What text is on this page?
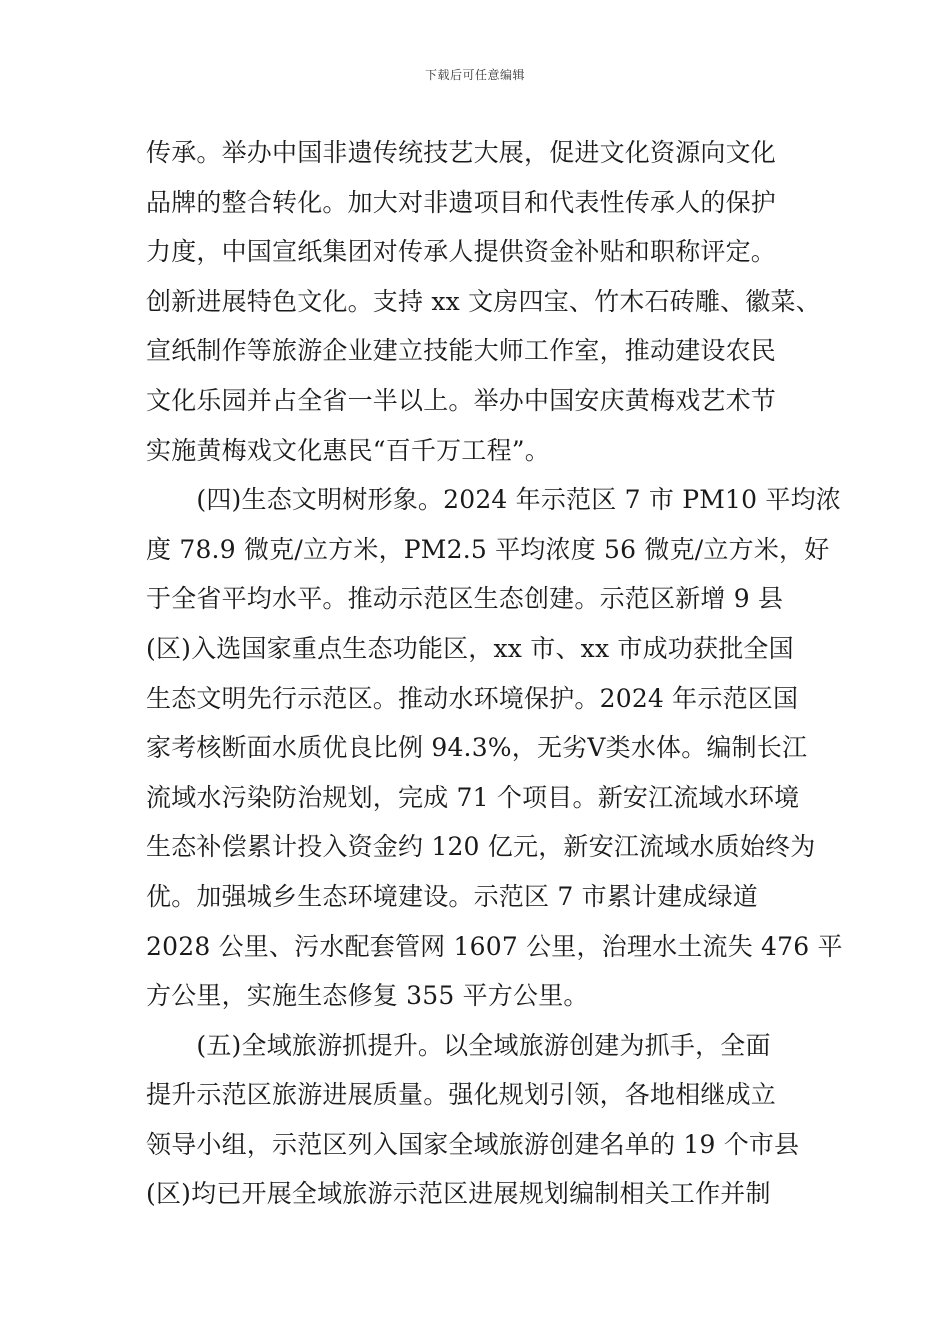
下载后可任意编辑
传承。举办中国非遗传统技艺大展，促进文化资源向文化
品牌的整合转化。加大对非遗项目和代表性传承人的保护
力度，中国宣纸集团对传承人提供资金补贴和职称评定。
创新进展特色文化。支持 xx 文房四宝、竹木石砖雕、徽菜、
宣纸制作等旅游企业建立技能大师工作室，推动建设农民
文化乐园并占全省一半以上。举办中国安庆黄梅戏艺术节
实施黄梅戏文化惠民“百千万工程”。
　　(四)生态文明树形象。2024 年示范区 7 市 PM10 平均浓
度 78.9 微克/立方米，PM2.5 平均浓度 56 微克/立方米，好
于全省平均水平。推动示范区生态创建。示范区新增 9 县
(区)入选国家重点生态功能区，xx 市、xx 市成功获批全国
生态文明先行示范区。推动水环境保护。2024 年示范区国
家考核断面水质优良比例 94.3%，无劣Ⅴ类水体。编制长江
流域水污染防治规划，完成 71 个项目。新安江流域水环境
生态补偿累计投入资金约 120 亿元，新安江流域水质始终为
优。加强城乡生态环境建设。示范区 7 市累计建成绿道
2028 公里、污水配套管网 1607 公里，治理水土流失 476 平
方公里，实施生态修复 355 平方公里。
　　(五)全域旅游抓提升。以全域旅游创建为抓手，全面
提升示范区旅游进展质量。强化规划引领，各地相继成立
领导小组，示范区列入国家全域旅游创建名单的 19 个市县
(区)均已开展全域旅游示范区进展规划编制相关工作并制
